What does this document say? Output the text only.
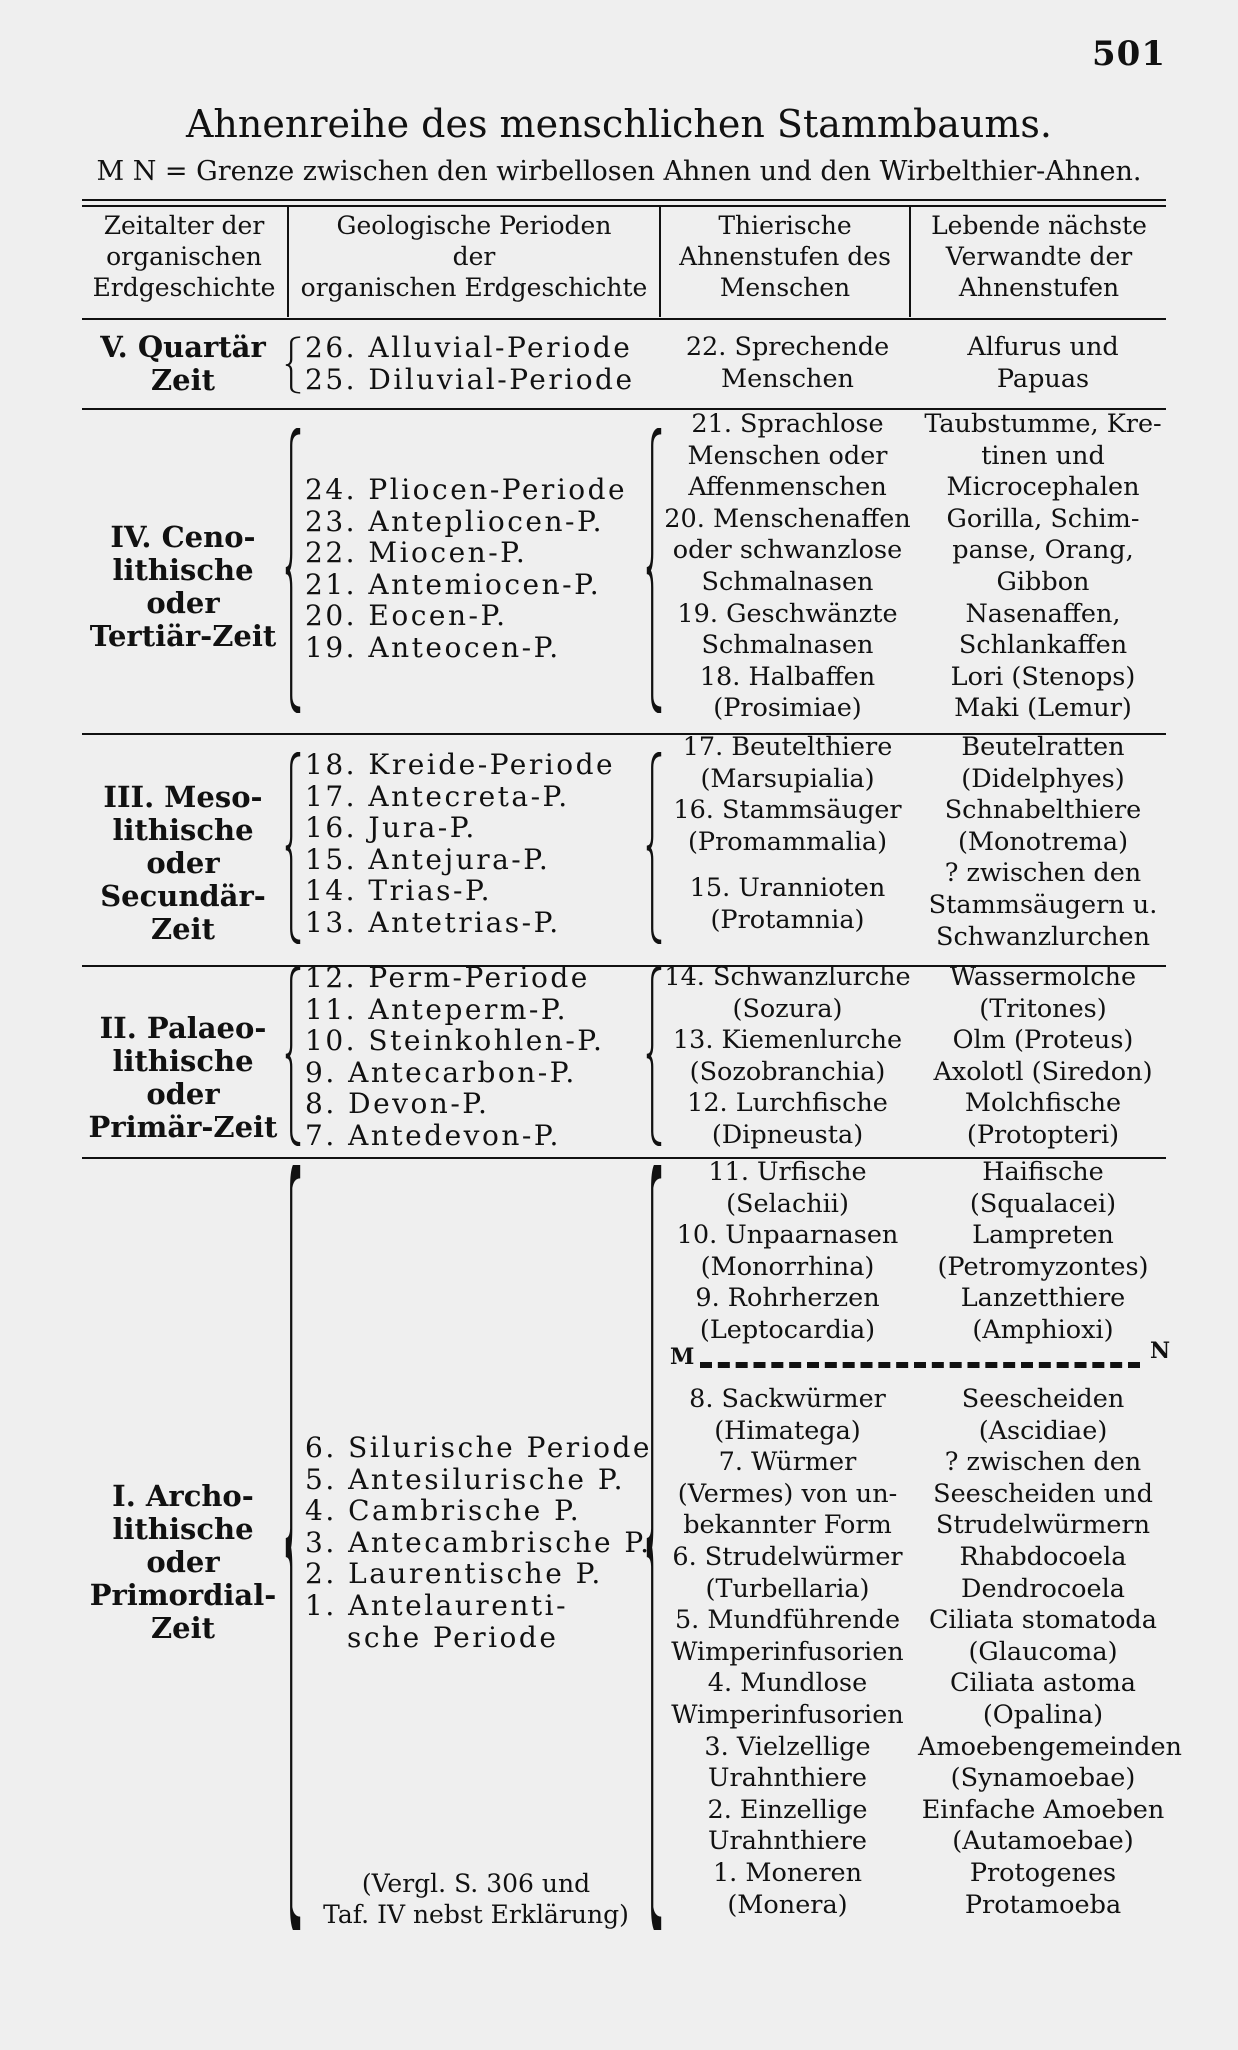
501
Ahnenreihe des menschlichen Stammbaums.
M N = Grenze zwischen den wirbellosen Ahnen und den Wirbelthier-Ahnen.
Zeitalter der
organischen
Erdgeschichte
Geologische Perioden
der
organischen Erdgeschichte
Thierische
Ahnenstufen des
Menschen
Lebende nächste
Verwandte der
Ahnenstufen
V. Quartär
Zeit
26. Alluvial-Periode
25. Diluvial-Periode
22. Sprechende
Menschen
Alfurus und
Papuas
IV. Ceno-
lithische oder
Tertiär-Zeit
24. Pliocen-Periode
23. Antepliocen-P.
22. Miocen-P.
21. Antemiocen-P.
20. Eocen-P.
19. Anteocen-P.
21. Sprachlose
Menschen oder
Affenmenschen
20. Menschenaffen
oder schwanzlose
Schmalnasen
19. Geschwänzte
Schmalnasen
18. Halbaffen
(Prosimiae)
Taubstumme, Kre-
tinen und
Microcephalen
Gorilla, Schim-
panse, Orang,
Gibbon
Nasenaffen,
Schlankaffen
Lori (Stenops)
Maki (Lemur)
III. Meso-
lithische oder
Secundär-
Zeit
18. Kreide-Periode
17. Antecreta-P.
16. Jura-P.
15. Antejura-P.
14. Trias-P.
13. Antetrias-P.
17. Beutelthiere
(Marsupialia)
16. Stammsäuger
(Promammalia)
15. Urannioten
(Protamnia)
Beutelratten
(Didelphyes)
Schnabelthiere
(Monotrema)
? zwischen den
Stammsäugern u.
Schwanzlurchen
II. Palaeo-
lithische oder
Primär-Zeit
12. Perm-Periode
11. Anteperm-P.
10. Steinkohlen-P.
9. Antecarbon-P.
8. Devon-P.
7. Antedevon-P.
14. Schwanzlurche
(Sozura)
13. Kiemenlurche
(Sozobranchia)
12. Lurchfische
(Dipneusta)
Wassermolche
(Tritones)
Olm (Proteus)
Axolotl (Siredon)
Molchfische
(Protopteri)
I. Archo-
lithische oder
Primordial-
Zeit
6. Silurische Periode
5. Antesilurische P.
4. Cambrische P.
3. Antecambrische P.
2. Laurentische P.
1. Antelaurenti-
sche Periode
(Vergl. S. 306 und
Taf. IV nebst Erklärung)
11. Urfische
(Selachii)
10. Unpaarnasen
(Monorrhina)
9. Rohrherzen
(Leptocardia)
Haifische
(Squalacei)
Lampreten
(Petromyzontes)
Lanzetthiere
(Amphioxi)
M	N
8. Sackwürmer
(Himatega)
7. Würmer
(Vermes) von un-
bekannter Form
6. Strudelwürmer
(Turbellaria)
5. Mundführende
Wimperinfusorien
4. Mundlose
Wimperinfusorien
3. Vielzellige
Urahnthiere
2. Einzellige
Urahnthiere
1. Moneren
(Monera)
Seescheiden
(Ascidiae)
? zwischen den
Seescheiden und
Strudelwürmern
Rhabdocoela
Dendrocoela
Ciliata stomatoda
(Glaucoma)
Ciliata astoma
(Opalina)
Amoebengemeinden
(Synamoebae)
Einfache Amoeben
(Autamoebae)
Protogenes
Protamoeba
